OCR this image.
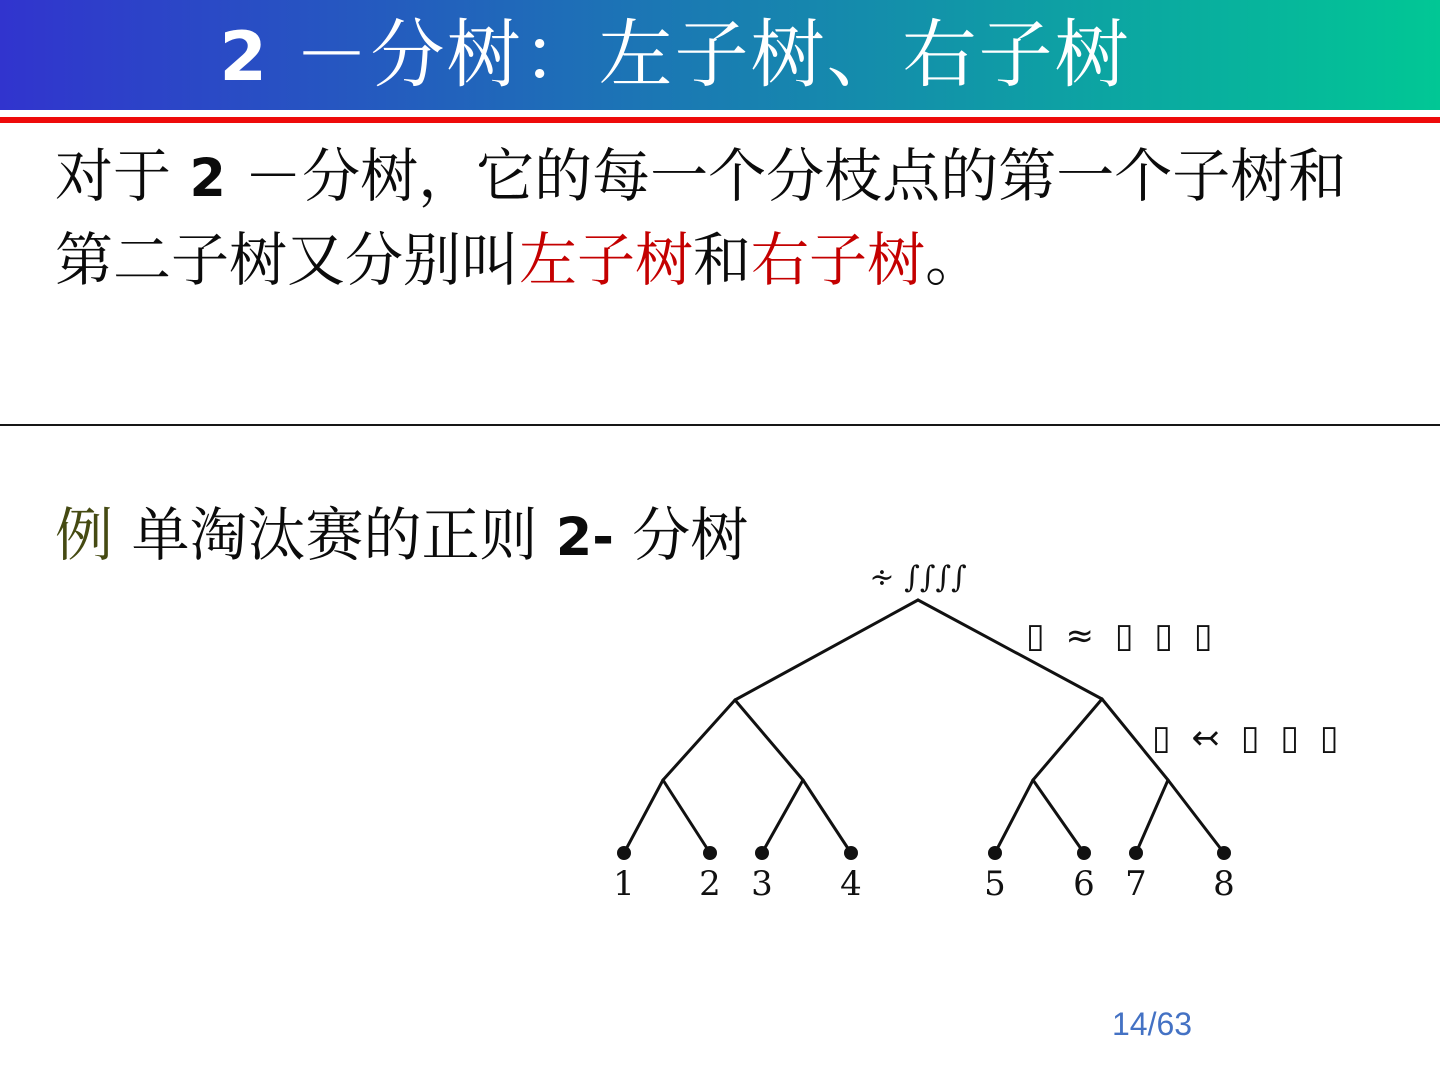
2 －分树：左子树、右子树
对于 2 －分树，它的每一个分枝点的第一个子树和
第二子树又分别叫左子树和右子树。
例 单淘汰赛的正则 2- 分树
∻ ∫∫∫∫
▯ ≈ ▯ ▯ ▯
▯ ↢ ▯ ▯ ▯
1	2 3	4	5	6 7	8
14/63
